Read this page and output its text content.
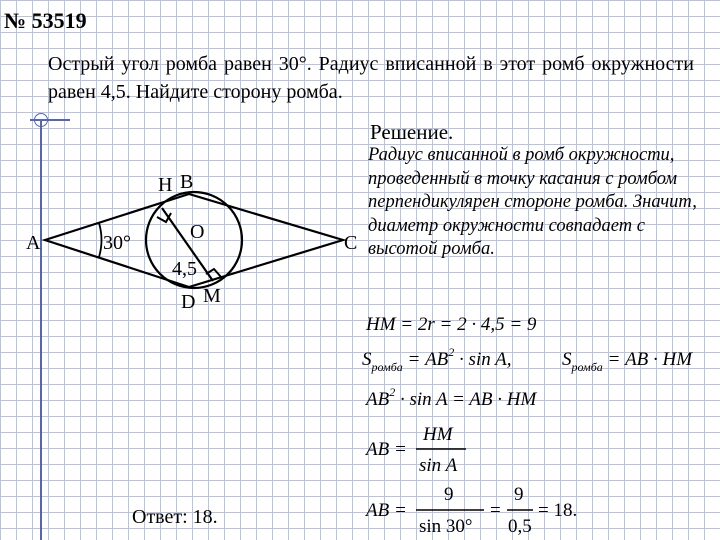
№ 53519

Острый угол ромба равен 30°. Радиус вписанной в этот ромб окружности равен 4,5. Найдите сторону ромба.

Решение.

Радиус вписанной в ромб окружности, проведенный в точку касания с ромбом перпендикулярен стороне ромба. Значит, диаметр окружности совпадает с высотой ромба.

Ответ: 18.

A
B
H
C
D M
O
30°
4,5
HM = 2r = 2 · 4,5 = 9
$S_{ромба} = AB^2 \cdot \sin A$,	$S_{ромба}$ = AB · HM
$AB^2 \cdot \sin A$ = AB · HM
AB =
HM
sin A
AB =
9
sin 30°
=
9
0,5
= 18.
